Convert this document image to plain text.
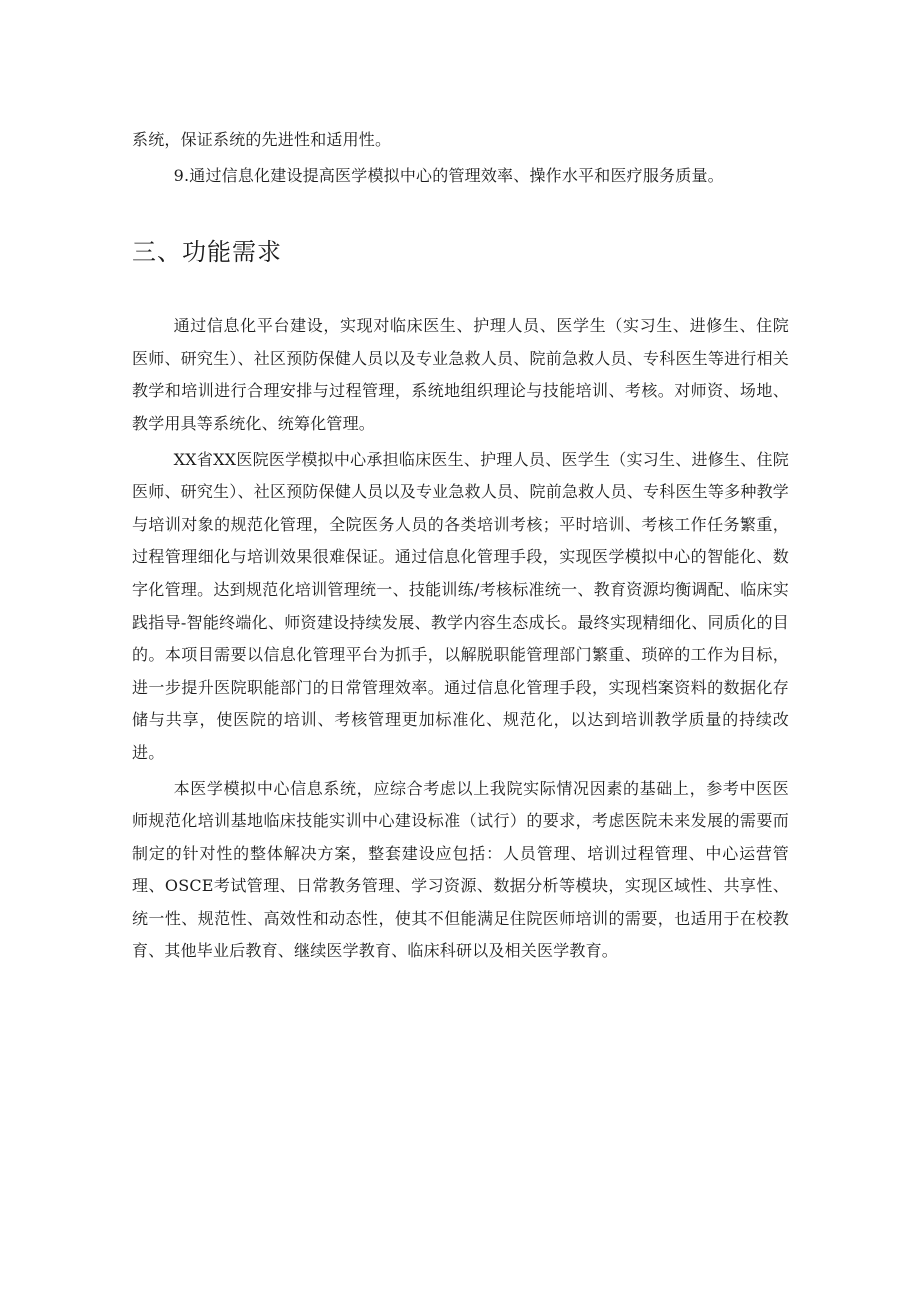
系统，保证系统的先进性和适用性。

9.通过信息化建设提高医学模拟中心的管理效率、操作水平和医疗服务质量。

三、功能需求

通过信息化平台建设，实现对临床医生、护理人员、医学生（实习生、进修生、住院医师、研究生）、社区预防保健人员以及专业急救人员、院前急救人员、专科医生等进行相关教学和培训进行合理安排与过程管理，系统地组织理论与技能培训、考核。对师资、场地、教学用具等系统化、统筹化管理。

XX省XX医院医学模拟中心承担临床医生、护理人员、医学生（实习生、进修生、住院医师、研究生）、社区预防保健人员以及专业急救人员、院前急救人员、专科医生等多种教学与培训对象的规范化管理，全院医务人员的各类培训考核；平时培训、考核工作任务繁重，过程管理细化与培训效果很难保证。通过信息化管理手段，实现医学模拟中心的智能化、数字化管理。达到规范化培训管理统一、技能训练/考核标准统一、教育资源均衡调配、临床实践指导-智能终端化、师资建设持续发展、教学内容生态成长。最终实现精细化、同质化的目的。本项目需要以信息化管理平台为抓手，以解脱职能管理部门繁重、琐碎的工作为目标，进一步提升医院职能部门的日常管理效率。通过信息化管理手段，实现档案资料的数据化存储与共享，使医院的培训、考核管理更加标准化、规范化，以达到培训教学质量的持续改进。

本医学模拟中心信息系统，应综合考虑以上我院实际情况因素的基础上，参考中医医师规范化培训基地临床技能实训中心建设标准（试行）的要求，考虑医院未来发展的需要而制定的针对性的整体解决方案，整套建设应包括：人员管理、培训过程管理、中心运营管理、OSCE考试管理、日常教务管理、学习资源、数据分析等模块，实现区域性、共享性、统一性、规范性、高效性和动态性，使其不但能满足住院医师培训的需要，也适用于在校教育、其他毕业后教育、继续医学教育、临床科研以及相关医学教育。
